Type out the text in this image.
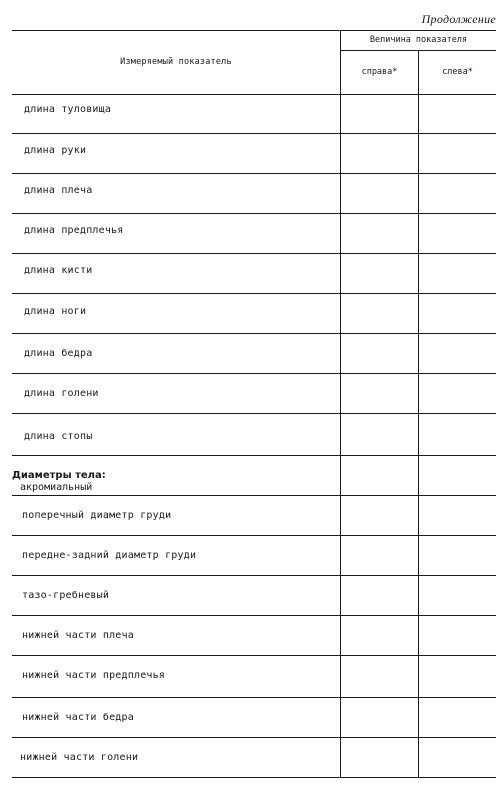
Продолжение
Измеряемый показатель
Величина показателя
справа*	слева*
длина туловища
длина руки
длина плеча
длина предплечья
длина кисти
длина ноги
длина бедра
длина голени
длина стопы
Диаметры тела:
акромиальный
поперечный диаметр груди
передне-задний диаметр груди
тазо-гребневый
нижней части плеча
нижней части предплечья
нижней части бедра
нижней части голени
